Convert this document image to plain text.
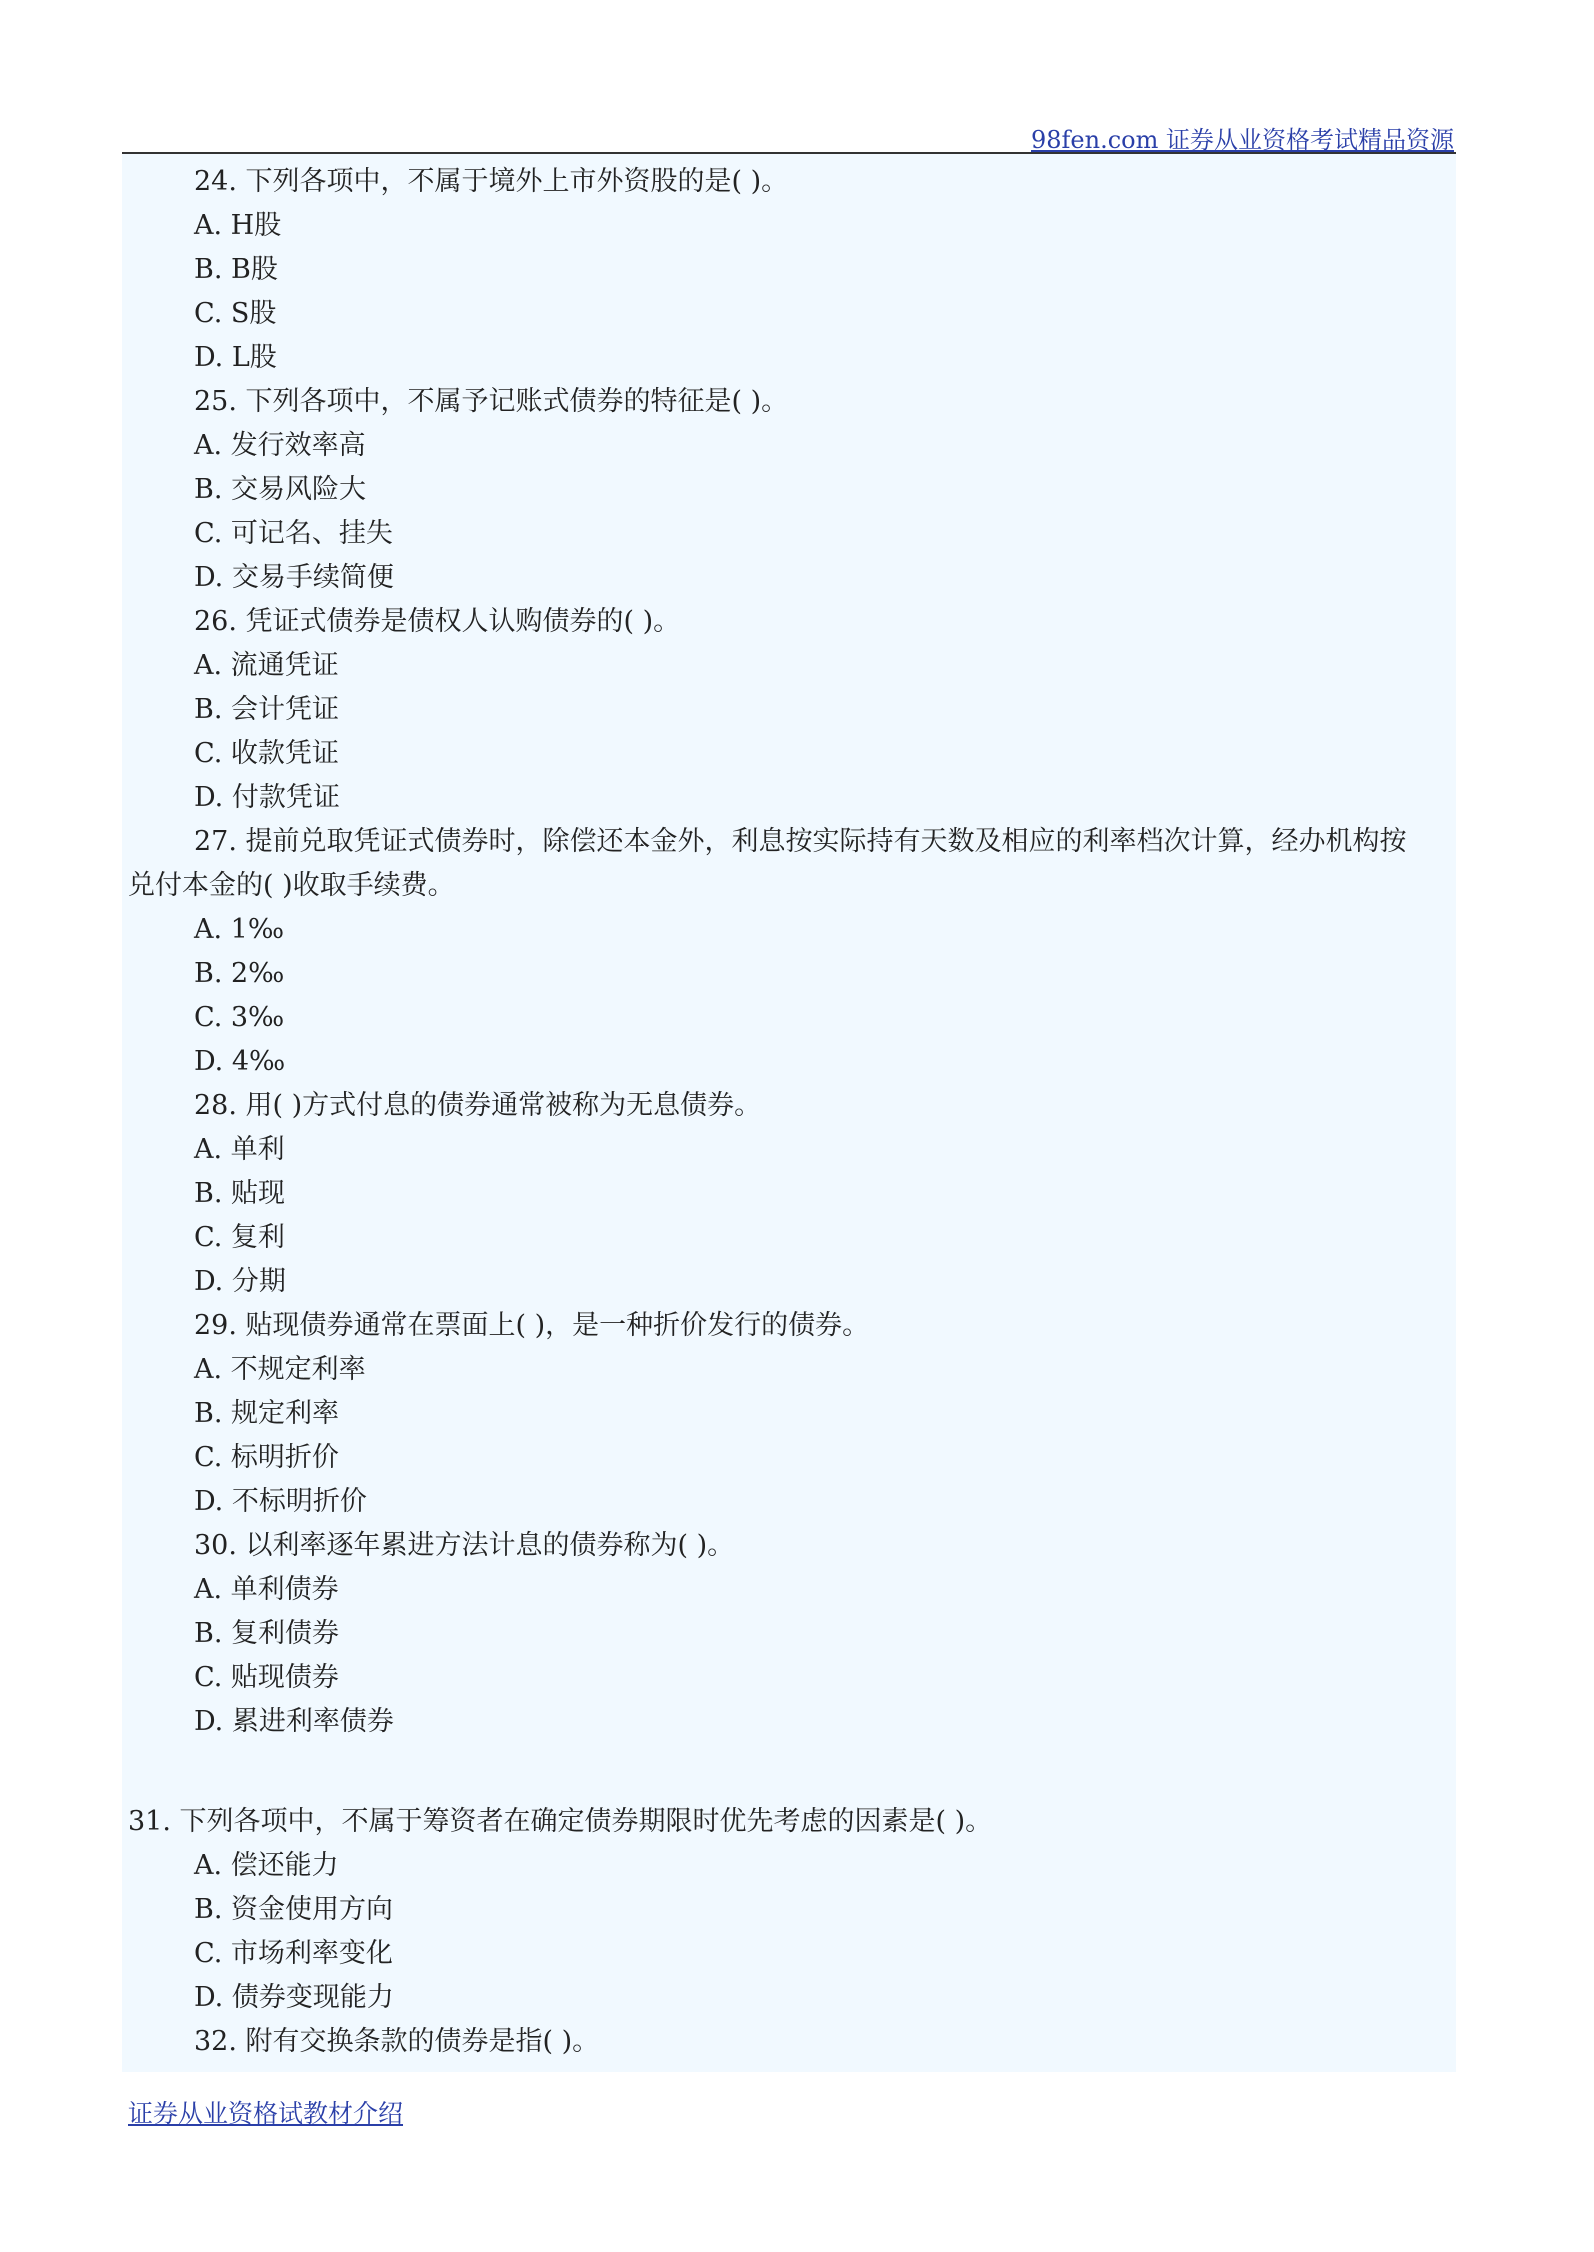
98fen.com 证券从业资格考试精品资源
24. 下列各项中，不属于境外上市外资股的是( )。
A. H股
B. B股
C. S股
D. L股
25. 下列各项中，不属予记账式债券的特征是( )。
A. 发行效率高
B. 交易风险大
C. 可记名、挂失
D. 交易手续简便
26. 凭证式债券是债权人认购债券的( )。
A. 流通凭证
B. 会计凭证
C. 收款凭证
D. 付款凭证
27. 提前兑取凭证式债券时，除偿还本金外，利息按实际持有天数及相应的利率档次计算，经办机构按
兑付本金的( )收取手续费。
A. 1‰
B. 2‰
C. 3‰
D. 4‰
28. 用( )方式付息的债券通常被称为无息债券。
A. 单利
B. 贴现
C. 复利
D. 分期
29. 贴现债券通常在票面上( )，是一种折价发行的债券。
A. 不规定利率
B. 规定利率
C. 标明折价
D. 不标明折价
30. 以利率逐年累进方法计息的债券称为( )。
A. 单利债券
B. 复利债券
C. 贴现债券
D. 累进利率债券
31. 下列各项中，不属于筹资者在确定债券期限时优先考虑的因素是( )。
A. 偿还能力
B. 资金使用方向
C. 市场利率变化
D. 债券变现能力
32. 附有交换条款的债券是指( )。
证券从业资格试教材介绍
